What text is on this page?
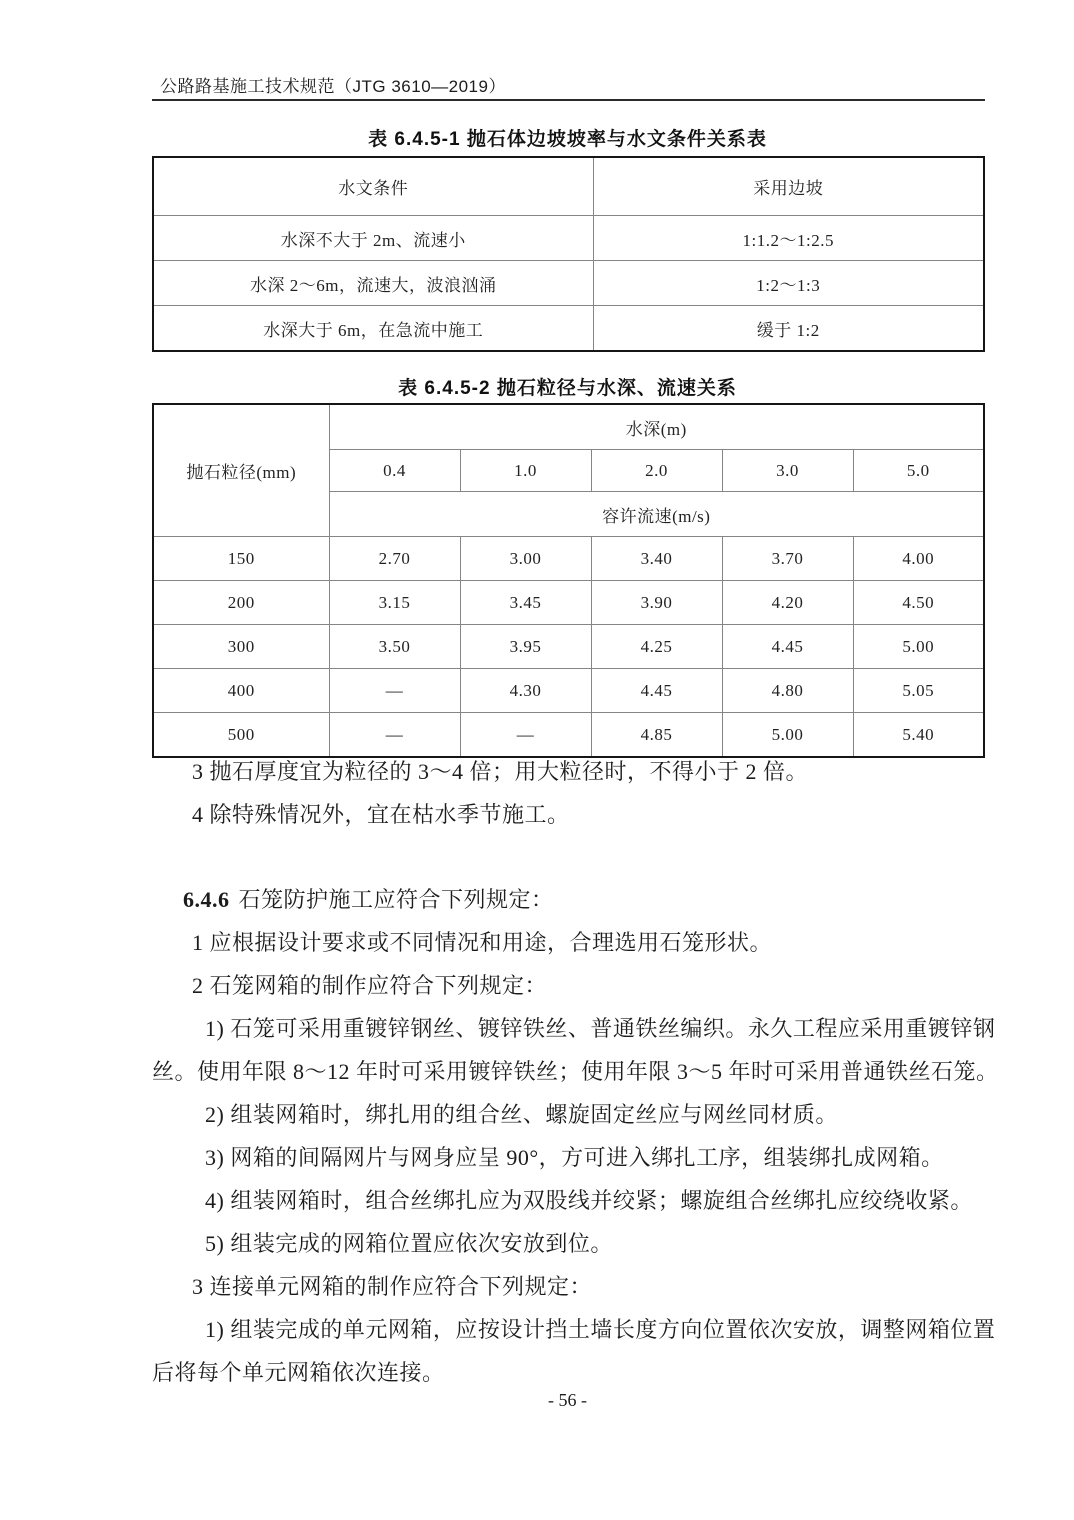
公路路基施工技术规范（JTG 3610—2019）
表 6.4.5-1 抛石体边坡坡率与水文条件关系表
水文条件	采用边坡
水深不大于 2m、流速小	1:1.2～1:2.5
水深 2～6m，流速大，波浪汹涌	1:2～1:3
水深大于 6m，在急流中施工	缓于 1:2
表 6.4.5-2 抛石粒径与水深、流速关系
抛石粒径(mm)	水深(m)				
	0.4	1.0	2.0	3.0	5.0
	容许流速(m/s)				
150	2.70	3.00	3.40	3.70	4.00
200	3.15	3.45	3.90	4.20	4.50
300	3.50	3.95	4.25	4.45	5.00
400	—	4.30	4.45	4.80	5.05
500	—	—	4.85	5.00	5.40
3 抛石厚度宜为粒径的 3～4 倍；用大粒径时，不得小于 2 倍。
4 除特殊情况外，宜在枯水季节施工。
6.4.6 石笼防护施工应符合下列规定：
1 应根据设计要求或不同情况和用途，合理选用石笼形状。
2 石笼网箱的制作应符合下列规定：
1) 石笼可采用重镀锌钢丝、镀锌铁丝、普通铁丝编织。永久工程应采用重镀锌钢
丝。使用年限 8～12 年时可采用镀锌铁丝；使用年限 3～5 年时可采用普通铁丝石笼。
2) 组装网箱时，绑扎用的组合丝、螺旋固定丝应与网丝同材质。
3) 网箱的间隔网片与网身应呈 90°，方可进入绑扎工序，组装绑扎成网箱。
4) 组装网箱时，组合丝绑扎应为双股线并绞紧；螺旋组合丝绑扎应绞绕收紧。
5) 组装完成的网箱位置应依次安放到位。
3 连接单元网箱的制作应符合下列规定：
1) 组装完成的单元网箱，应按设计挡土墙长度方向位置依次安放，调整网箱位置
后将每个单元网箱依次连接。
- 56 -
